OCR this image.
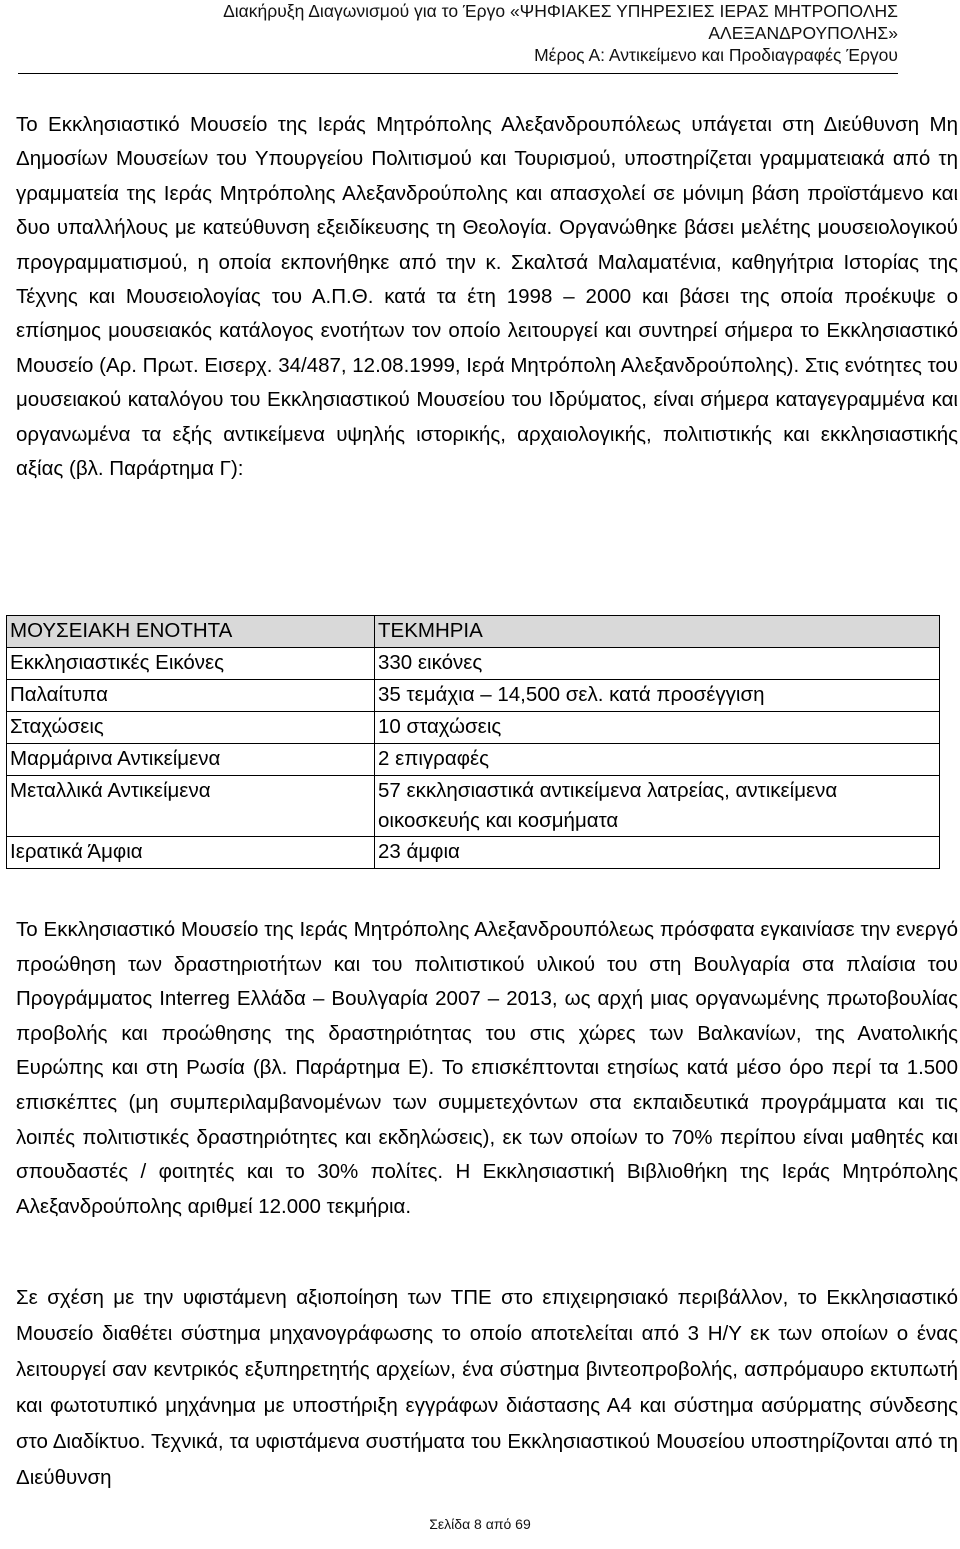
Διακήρυξη Διαγωνισμού για το Έργο «ΨΗΦΙΑΚΕΣ ΥΠΗΡΕΣΙΕΣ ΙΕΡΑΣ ΜΗΤΡΟΠΟΛΗΣ
ΑΛΕΞΑΝΔΡΟΥΠΟΛΗΣ»
Μέρος Α: Αντικείμενο και Προδιαγραφές Έργου

Το Εκκλησιαστικό Μουσείο της Ιεράς Μητρόπολης Αλεξανδρουπόλεως υπάγεται στη Διεύθυνση Μη Δημοσίων Μουσείων του Υπουργείου Πολιτισμού και Τουρισμού, υποστηρίζεται γραμματειακά από τη γραμματεία της Ιεράς Μητρόπολης Αλεξανδρούπολης και απασχολεί σε μόνιμη βάση προϊστάμενο και δυο υπαλλήλους με κατεύθυνση εξειδίκευσης τη Θεολογία. Οργανώθηκε βάσει μελέτης μουσειολογικού προγραμματισμού, η οποία εκπονήθηκε από την κ. Σκαλτσά Μαλαματένια, καθηγήτρια Ιστορίας της Τέχνης και Μουσειολογίας του Α.Π.Θ. κατά τα έτη 1998 – 2000 και βάσει της οποία προέκυψε ο επίσημος μουσειακός κατάλογος ενοτήτων τον οποίο λειτουργεί και συντηρεί σήμερα το Εκκλησιαστικό Μουσείο (Αρ. Πρωτ. Εισερχ. 34/487, 12.08.1999, Ιερά Μητρόπολη Αλεξανδρούπολης). Στις ενότητες του μουσειακού καταλόγου του Εκκλησιαστικού Μουσείου του Ιδρύματος, είναι σήμερα καταγεγραμμένα και οργανωμένα τα εξής αντικείμενα υψηλής ιστορικής, αρχαιολογικής, πολιτιστικής και εκκλησιαστικής αξίας (βλ. Παράρτημα Γ):

ΜΟΥΣΕΙΑΚΗ ΕΝΟΤΗΤΑ	ΤΕΚΜΗΡΙΑ
Εκκλησιαστικές Εικόνες	330 εικόνες
Παλαίτυπα	35 τεμάχια – 14,500 σελ. κατά προσέγγιση
Σταχώσεις	10 σταχώσεις
Μαρμάρινα Αντικείμενα	2 επιγραφές
Μεταλλικά Αντικείμενα	57 εκκλησιαστικά αντικείμενα λατρείας, αντικείμενα οικοσκευής και κοσμήματα
Ιερατικά Άμφια	23 άμφια

Το Εκκλησιαστικό Μουσείο της Ιεράς Μητρόπολης Αλεξανδρουπόλεως πρόσφατα εγκαινίασε την ενεργό προώθηση των δραστηριοτήτων και του πολιτιστικού υλικού του στη Βουλγαρία στα πλαίσια του Προγράμματος Interreg Ελλάδα – Βουλγαρία 2007 – 2013, ως αρχή μιας οργανωμένης πρωτοβουλίας προβολής και προώθησης της δραστηριότητας του στις χώρες των Βαλκανίων, της Ανατολικής Ευρώπης και στη Ρωσία (βλ. Παράρτημα Ε). Το επισκέπτονται ετησίως κατά μέσο όρο περί τα 1.500 επισκέπτες (μη συμπεριλαμβανομένων των συμμετεχόντων στα εκπαιδευτικά προγράμματα και τις λοιπές πολιτιστικές δραστηριότητες και εκδηλώσεις), εκ των οποίων το 70% περίπου είναι μαθητές και σπουδαστές / φοιτητές και το 30% πολίτες. Η Εκκλησιαστική Βιβλιοθήκη της Ιεράς Μητρόπολης Αλεξανδρούπολης αριθμεί 12.000 τεκμήρια.

Σε σχέση με την υφιστάμενη αξιοποίηση των ΤΠΕ στο επιχειρησιακό περιβάλλον, το Εκκλησιαστικό Μουσείο διαθέτει σύστημα μηχανογράφωσης το οποίο αποτελείται από 3 Η/Υ εκ των οποίων ο ένας λειτουργεί σαν κεντρικός εξυπηρετητής αρχείων, ένα σύστημα βιντεοπροβολής, ασπρόμαυρο εκτυπωτή και φωτοτυπικό μηχάνημα με υποστήριξη εγγράφων διάστασης Α4 και σύστημα ασύρματης σύνδεσης στο Διαδίκτυο. Τεχνικά, τα υφιστάμενα συστήματα του Εκκλησιαστικού Μουσείου υποστηρίζονται από τη Διεύθυνση

Σελίδα 8 από 69
